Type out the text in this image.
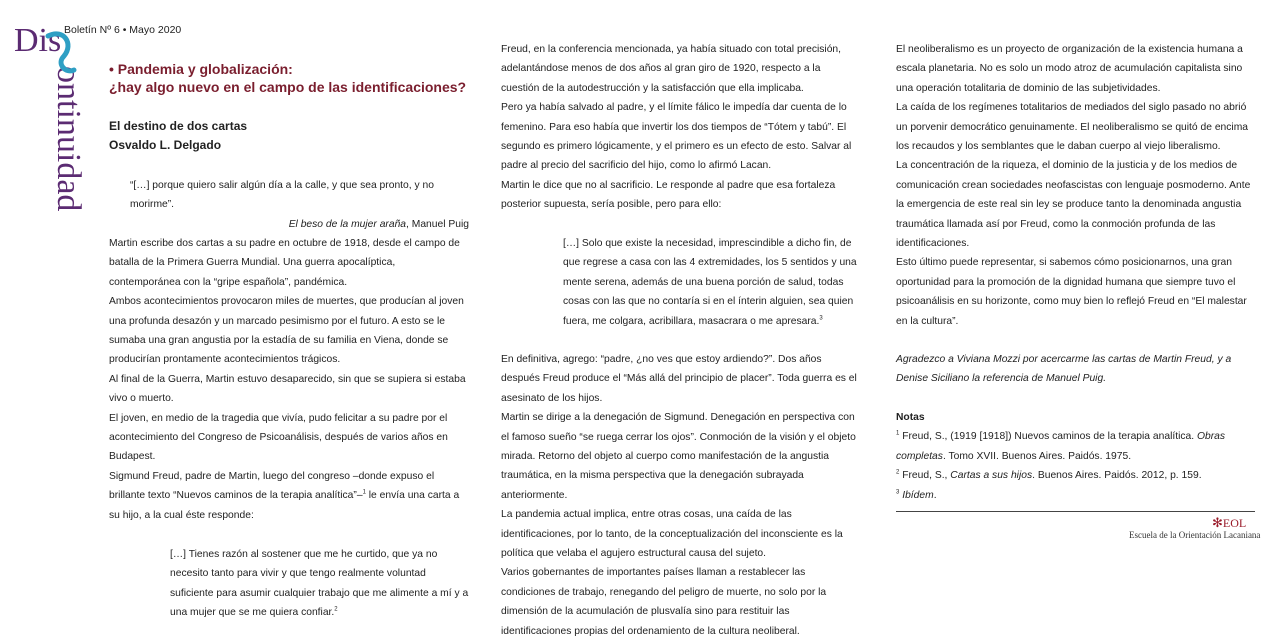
Dis
ontinuidad
Boletín Nº 6 • Mayo 2020
• Pandemia y globalización:
¿hay algo nuevo en el campo de las identificaciones?
El destino de dos cartas
Osvaldo L. Delgado
“[…] porque quiero salir algún día a la calle, y que sea pronto, y no morirme”.
El beso de la mujer araña, Manuel Puig

Martin escribe dos cartas a su padre en octubre de 1918, desde el campo de batalla de la Primera Guerra Mundial. Una guerra apocalíptica, contemporánea con la “gripe española”, pandémica.

Ambos acontecimientos provocaron miles de muertes, que producían al joven una profunda desazón y un marcado pesimismo por el futuro. A esto se le sumaba una gran angustia por la estadía de su familia en Viena, donde se producirían prontamente acontecimientos trágicos.

Al final de la Guerra, Martin estuvo desaparecido, sin que se supiera si estaba vivo o muerto.

El joven, en medio de la tragedia que vivía, pudo felicitar a su padre por el acontecimiento del Congreso de Psicoanálisis, después de varios años en Budapest.

Sigmund Freud, padre de Martin, luego del congreso –donde expuso el brillante texto “Nuevos caminos de la terapia analítica”–$^1$ le envía una carta a su hijo, a la cual éste responde:

[…] Tienes razón al sostener que me he curtido, que ya no necesito tanto para vivir y que tengo realmente voluntad suficiente para asumir cualquier trabajo que me alimente a mí y a una mujer que se me quiera confiar.$^2$

Freud, en la conferencia mencionada, ya había situado con total precisión, adelantándose menos de dos años al gran giro de 1920, respecto a la cuestión de la autodestrucción y la satisfacción que ella implicaba.

Pero ya había salvado al padre, y el límite fálico le impedía dar cuenta de lo femenino. Para eso había que invertir los dos tiempos de “Tótem y tabú”. El segundo es primero lógicamente, y el primero es un efecto de esto. Salvar al padre al precio del sacrificio del hijo, como lo afirmó Lacan.

Martin le dice que no al sacrificio. Le responde al padre que esa fortaleza posterior supuesta, sería posible, pero para ello:

[…] Solo que existe la necesidad, imprescindible a dicho fin, de que regrese a casa con las 4 extremidades, los 5 sentidos y una mente serena, además de una buena porción de salud, todas cosas con las que no contaría si en el ínterin alguien, sea quien fuera, me colgara, acribillara, masacrara o me apresara.$^3$

En definitiva, agrego: “padre, ¿no ves que estoy ardiendo?”. Dos años después Freud produce el “Más allá del principio de placer”. Toda guerra es el asesinato de los hijos.

Martin se dirige a la denegación de Sigmund. Denegación en perspectiva con el famoso sueño “se ruega cerrar los ojos”. Conmoción de la visión y el objeto mirada. Retorno del objeto al cuerpo como manifestación de la angustia traumática, en la misma perspectiva que la denegación subrayada anteriormente.

La pandemia actual implica, entre otras cosas, una caída de las identificaciones, por lo tanto, de la conceptualización del inconsciente es la política que velaba el agujero estructural causa del sujeto.

Varios gobernantes de importantes países llaman a restablecer las condiciones de trabajo, renegando del peligro de muerte, no solo por la dimensión de la acumulación de plusvalía sino para restituir las identificaciones propias del ordenamiento de la cultura neoliberal.

El neoliberalismo es un proyecto de organización de la existencia humana a escala planetaria. No es solo un modo atroz de acumulación capitalista sino una operación totalitaria de dominio de las subjetividades.

La caída de los regímenes totalitarios de mediados del siglo pasado no abrió un porvenir democrático genuinamente. El neoliberalismo se quitó de encima los recaudos y los semblantes que le daban cuerpo al viejo liberalismo.

La concentración de la riqueza, el dominio de la justicia y de los medios de comunicación crean sociedades neofascistas con lenguaje posmoderno. Ante la emergencia de este real sin ley se produce tanto la denominada angustia traumática llamada así por Freud, como la conmoción profunda de las identificaciones.

Esto último puede representar, si sabemos cómo posicionarnos, una gran oportunidad para la promoción de la dignidad humana que siempre tuvo el psicoanálisis en su horizonte, como muy bien lo reflejó Freud en “El malestar en la cultura”.

Agradezco a Viviana Mozzi por acercarme las cartas de Martin Freud, y a Denise Siciliano la referencia de Manuel Puig.

Notas

$^1$ Freud, S., (1919 [1918]) Nuevos caminos de la terapia analítica. Obras completas. Tomo XVII. Buenos Aires. Paidós. 1975.

$^2$ Freud, S., Cartas a sus hijos. Buenos Aires. Paidós. 2012, p. 159.

$^3$ Ibídem.

✻EOL
Escuela de la Orientación Lacaniana
